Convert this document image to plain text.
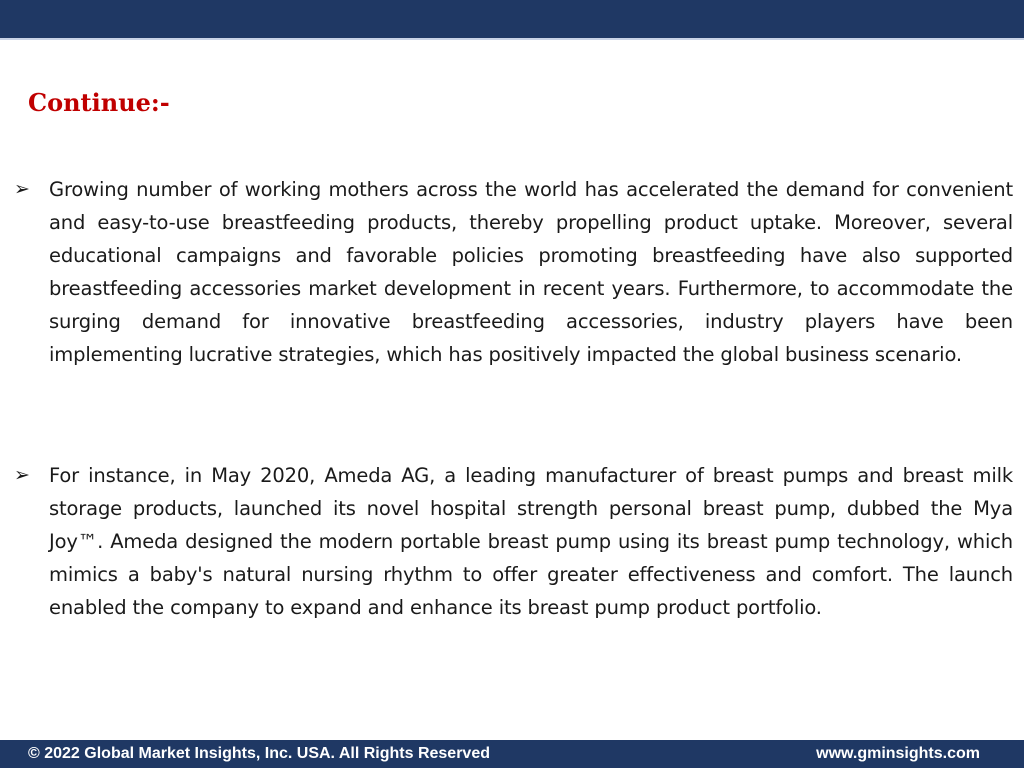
Continue:-
➢ Growing number of working mothers across the world has accelerated the demand for convenient and easy-to-use breastfeeding products, thereby propelling product uptake. Moreover, several educational campaigns and favorable policies promoting breastfeeding have also supported breastfeeding accessories market development in recent years. Furthermore, to accommodate the surging demand for innovative breastfeeding accessories, industry players have been implementing lucrative strategies, which has positively impacted the global business scenario.

➢ For instance, in May 2020, Ameda AG, a leading manufacturer of breast pumps and breast milk storage products, launched its novel hospital strength personal breast pump, dubbed the Mya Joy™. Ameda designed the modern portable breast pump using its breast pump technology, which mimics a baby's natural nursing rhythm to offer greater effectiveness and comfort. The launch enabled the company to expand and enhance its breast pump product portfolio.

© 2022 Global Market Insights, Inc. USA. All Rights Reserved	www.gminsights.com
